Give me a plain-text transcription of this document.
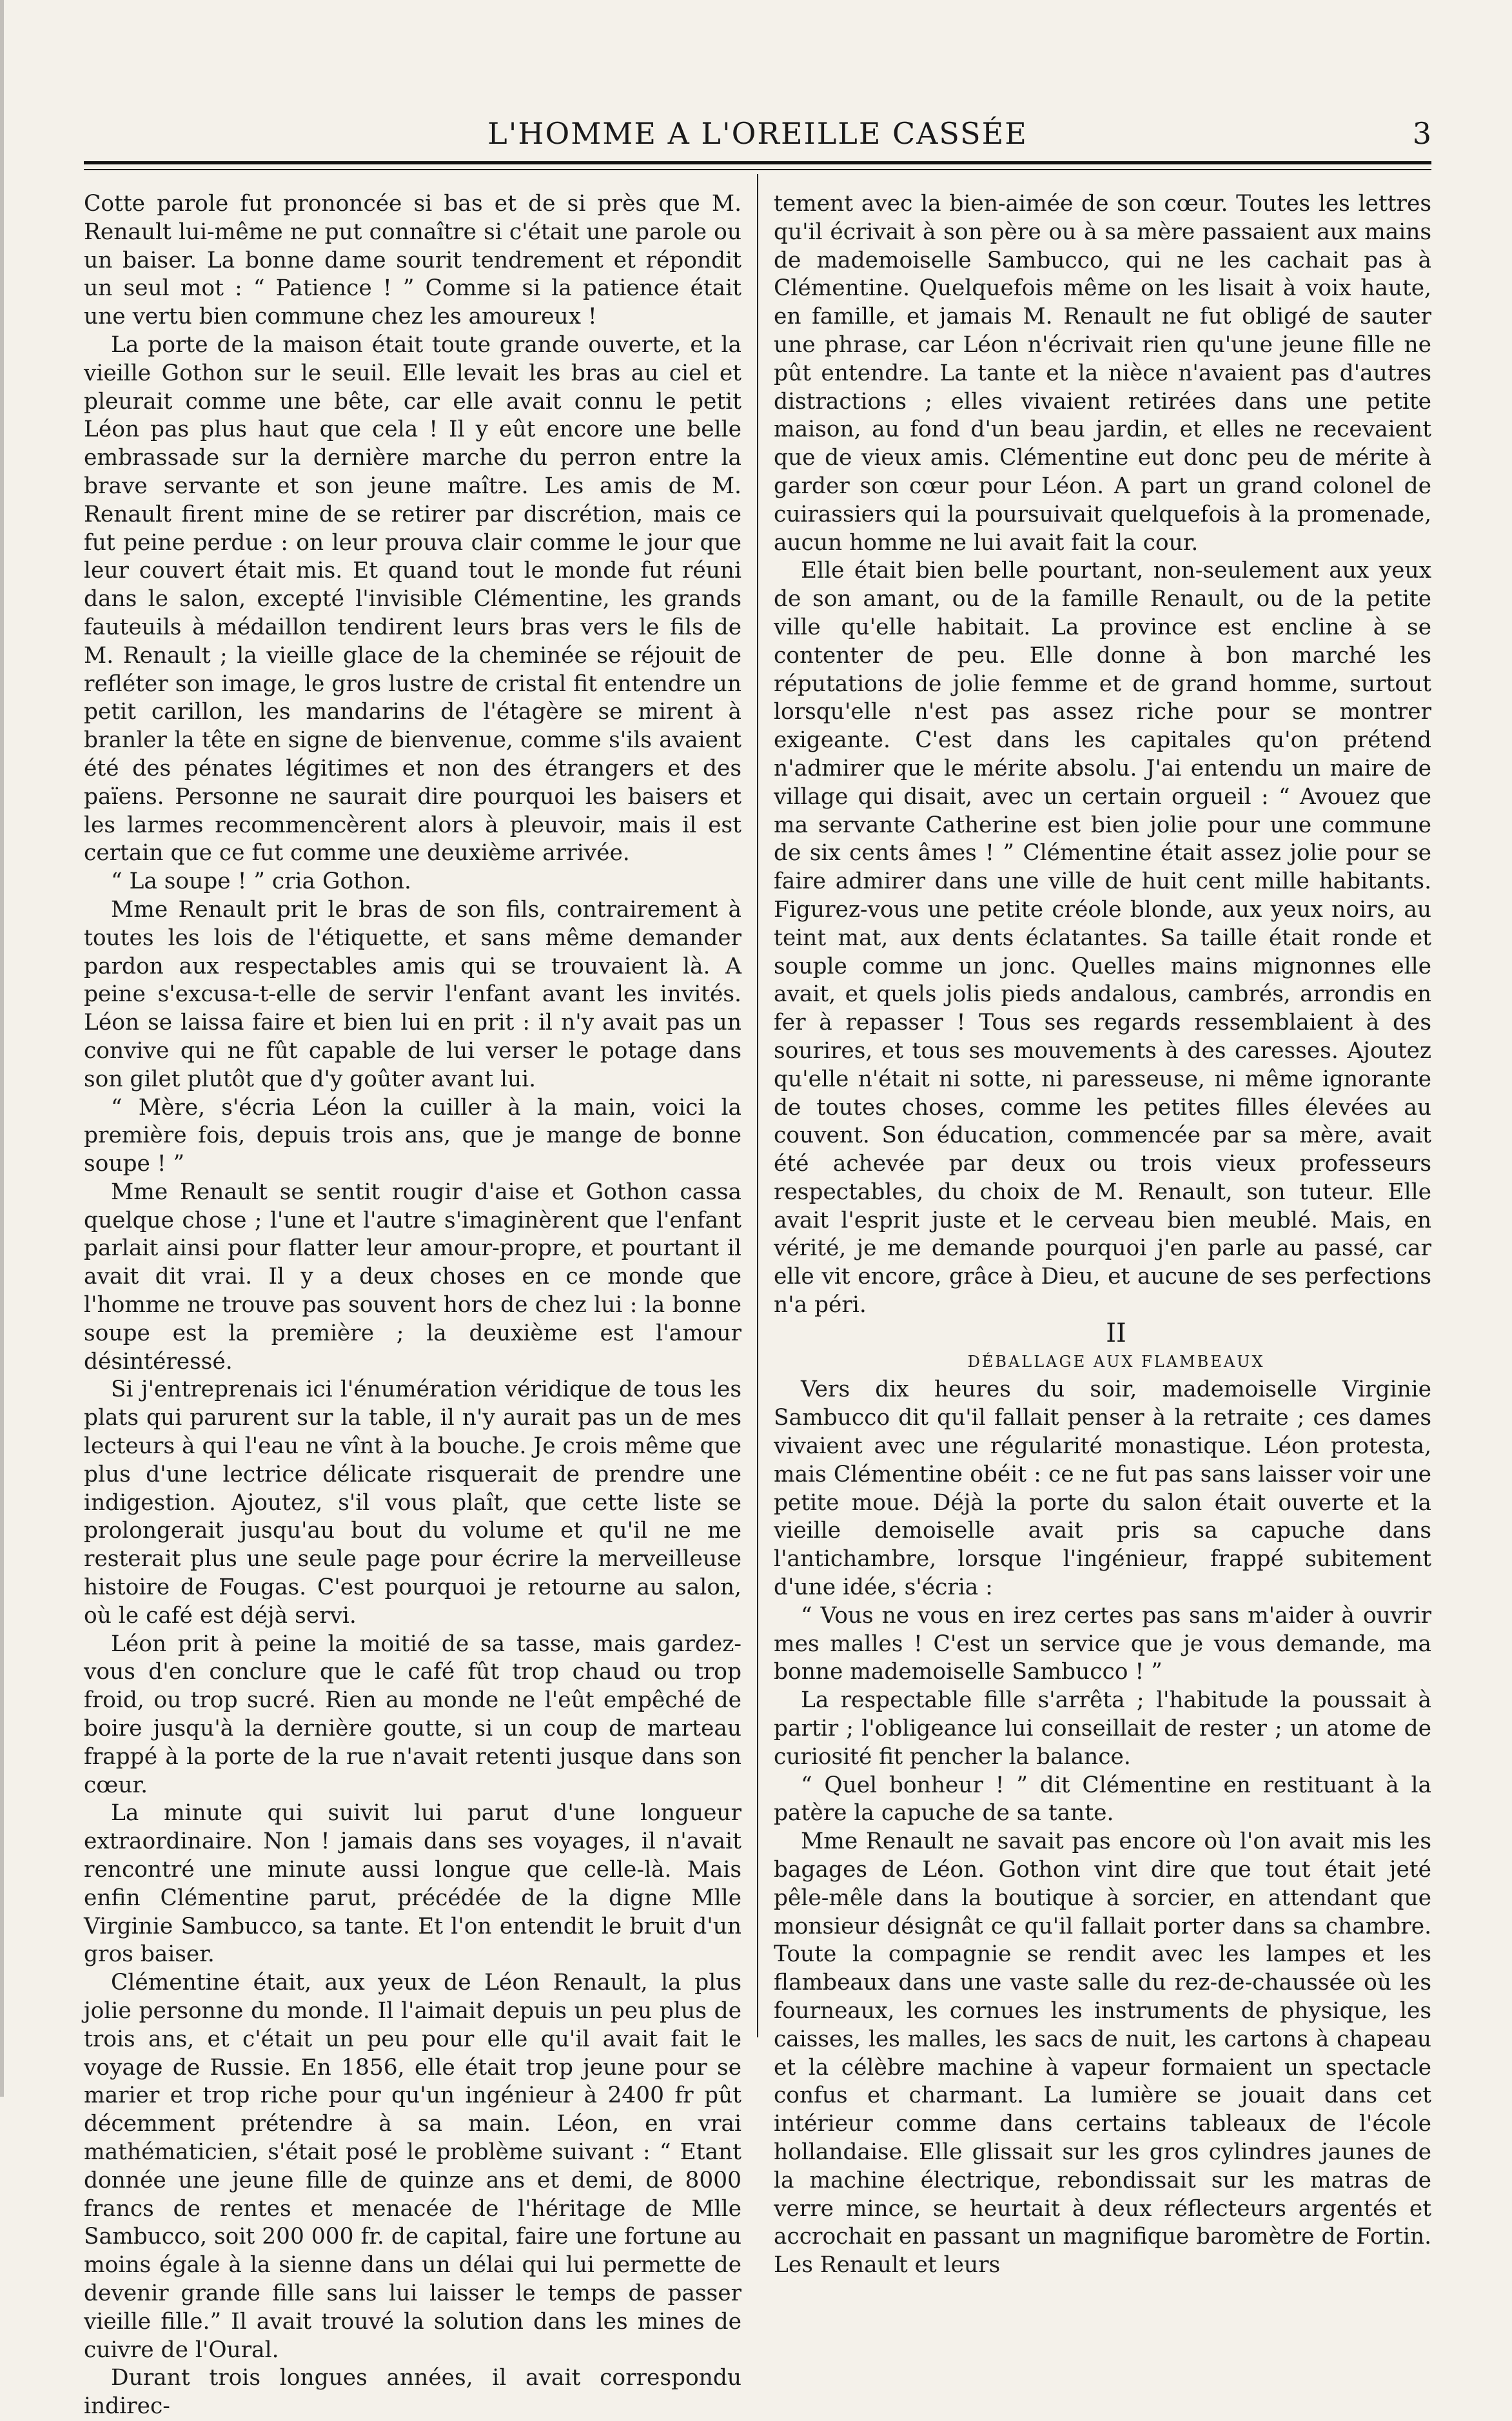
L'HOMME A L'OREILLE CASSÉE	3

Cotte parole fut prononcée si bas et de si près que M. Renault lui-même ne put connaître si c'était une parole ou un baiser. La bonne dame sourit tendrement et répondit un seul mot : “ Patience ! ” Comme si la patience était une vertu bien commune chez les amoureux !

La porte de la maison était toute grande ouverte, et la vieille Gothon sur le seuil. Elle levait les bras au ciel et pleurait comme une bête, car elle avait connu le petit Léon pas plus haut que cela ! Il y eût encore une belle embrassade sur la dernière marche du perron entre la brave servante et son jeune maître. Les amis de M. Renault firent mine de se retirer par discrétion, mais ce fut peine perdue : on leur prouva clair comme le jour que leur couvert était mis. Et quand tout le monde fut réuni dans le salon, excepté l'invisible Clémentine, les grands fauteuils à médaillon tendirent leurs bras vers le fils de M. Renault ; la vieille glace de la cheminée se réjouit de refléter son image, le gros lustre de cristal fit entendre un petit carillon, les mandarins de l'étagère se mirent à branler la tête en signe de bienvenue, comme s'ils avaient été des pénates légitimes et non des étrangers et des païens. Personne ne saurait dire pourquoi les baisers et les larmes recommencèrent alors à pleuvoir, mais il est certain que ce fut comme une deuxième arrivée.

“ La soupe ! ” cria Gothon.

Mme Renault prit le bras de son fils, contrairement à toutes les lois de l'étiquette, et sans même demander pardon aux respectables amis qui se trouvaient là. A peine s'excusa-t-elle de servir l'enfant avant les invités. Léon se laissa faire et bien lui en prit : il n'y avait pas un convive qui ne fût capable de lui verser le potage dans son gilet plutôt que d'y goûter avant lui.

“ Mère, s'écria Léon la cuiller à la main, voici la première fois, depuis trois ans, que je mange de bonne soupe ! ”

Mme Renault se sentit rougir d'aise et Gothon cassa quelque chose ; l'une et l'autre s'imaginèrent que l'enfant parlait ainsi pour flatter leur amour-propre, et pourtant il avait dit vrai. Il y a deux choses en ce monde que l'homme ne trouve pas souvent hors de chez lui : la bonne soupe est la première ; la deuxième est l'amour désintéressé.

Si j'entreprenais ici l'énumération véridique de tous les plats qui parurent sur la table, il n'y aurait pas un de mes lecteurs à qui l'eau ne vînt à la bouche. Je crois même que plus d'une lectrice délicate risquerait de prendre une indigestion. Ajoutez, s'il vous plaît, que cette liste se prolongerait jusqu'au bout du volume et qu'il ne me resterait plus une seule page pour écrire la merveilleuse histoire de Fougas. C'est pourquoi je retourne au salon, où le café est déjà servi.

Léon prit à peine la moitié de sa tasse, mais gardez-vous d'en conclure que le café fût trop chaud ou trop froid, ou trop sucré. Rien au monde ne l'eût empêché de boire jusqu'à la dernière goutte, si un coup de marteau frappé à la porte de la rue n'avait retenti jusque dans son cœur.

La minute qui suivit lui parut d'une longueur extraordinaire. Non ! jamais dans ses voyages, il n'avait rencontré une minute aussi longue que celle-là. Mais enfin Clémentine parut, précédée de la digne Mlle Virginie Sambucco, sa tante. Et l'on entendit le bruit d'un gros baiser.

Clémentine était, aux yeux de Léon Renault, la plus jolie personne du monde. Il l'aimait depuis un peu plus de trois ans, et c'était un peu pour elle qu'il avait fait le voyage de Russie. En 1856, elle était trop jeune pour se marier et trop riche pour qu'un ingénieur à 2400 fr pût décemment prétendre à sa main. Léon, en vrai mathématicien, s'était posé le problème suivant : “ Etant donnée une jeune fille de quinze ans et demi, de 8000 francs de rentes et menacée de l'héritage de Mlle Sambucco, soit 200 000 fr. de capital, faire une fortune au moins égale à la sienne dans un délai qui lui permette de devenir grande fille sans lui laisser le temps de passer vieille fille.” Il avait trouvé la solution dans les mines de cuivre de l'Oural.

Durant trois longues années, il avait correspondu indirec-

tement avec la bien-aimée de son cœur. Toutes les lettres qu'il écrivait à son père ou à sa mère passaient aux mains de mademoiselle Sambucco, qui ne les cachait pas à Clémentine. Quelquefois même on les lisait à voix haute, en famille, et jamais M. Renault ne fut obligé de sauter une phrase, car Léon n'écrivait rien qu'une jeune fille ne pût entendre. La tante et la nièce n'avaient pas d'autres distractions ; elles vivaient retirées dans une petite maison, au fond d'un beau jardin, et elles ne recevaient que de vieux amis. Clémentine eut donc peu de mérite à garder son cœur pour Léon. A part un grand colonel de cuirassiers qui la poursuivait quelquefois à la promenade, aucun homme ne lui avait fait la cour.

Elle était bien belle pourtant, non-seulement aux yeux de son amant, ou de la famille Renault, ou de la petite ville qu'elle habitait. La province est encline à se contenter de peu. Elle donne à bon marché les réputations de jolie femme et de grand homme, surtout lorsqu'elle n'est pas assez riche pour se montrer exigeante. C'est dans les capitales qu'on prétend n'admirer que le mérite absolu. J'ai entendu un maire de village qui disait, avec un certain orgueil : “ Avouez que ma servante Catherine est bien jolie pour une commune de six cents âmes ! ” Clémentine était assez jolie pour se faire admirer dans une ville de huit cent mille habitants. Figurez-vous une petite créole blonde, aux yeux noirs, au teint mat, aux dents éclatantes. Sa taille était ronde et souple comme un jonc. Quelles mains mignonnes elle avait, et quels jolis pieds andalous, cambrés, arrondis en fer à repasser ! Tous ses regards ressemblaient à des sourires, et tous ses mouvements à des caresses. Ajoutez qu'elle n'était ni sotte, ni paresseuse, ni même ignorante de toutes choses, comme les petites filles élevées au couvent. Son éducation, commencée par sa mère, avait été achevée par deux ou trois vieux professeurs respectables, du choix de M. Renault, son tuteur. Elle avait l'esprit juste et le cerveau bien meublé. Mais, en vérité, je me demande pourquoi j'en parle au passé, car elle vit encore, grâce à Dieu, et aucune de ses perfections n'a péri.

II

DÉBALLAGE AUX FLAMBEAUX

Vers dix heures du soir, mademoiselle Virginie Sambucco dit qu'il fallait penser à la retraite ; ces dames vivaient avec une régularité monastique. Léon protesta, mais Clémentine obéit : ce ne fut pas sans laisser voir une petite moue. Déjà la porte du salon était ouverte et la vieille demoiselle avait pris sa capuche dans l'antichambre, lorsque l'ingénieur, frappé subitement d'une idée, s'écria :

“ Vous ne vous en irez certes pas sans m'aider à ouvrir mes malles ! C'est un service que je vous demande, ma bonne mademoiselle Sambucco ! ”

La respectable fille s'arrêta ; l'habitude la poussait à partir ; l'obligeance lui conseillait de rester ; un atome de curiosité fit pencher la balance.

“ Quel bonheur ! ” dit Clémentine en restituant à la patère la capuche de sa tante.

Mme Renault ne savait pas encore où l'on avait mis les bagages de Léon. Gothon vint dire que tout était jeté pêle-mêle dans la boutique à sorcier, en attendant que monsieur désignât ce qu'il fallait porter dans sa chambre. Toute la compagnie se rendit avec les lampes et les flambeaux dans une vaste salle du rez-de-chaussée où les fourneaux, les cornues les instruments de physique, les caisses, les malles, les sacs de nuit, les cartons à chapeau et la célèbre machine à vapeur formaient un spectacle confus et charmant. La lumière se jouait dans cet intérieur comme dans certains tableaux de l'école hollandaise. Elle glissait sur les gros cylindres jaunes de la machine électrique, rebondissait sur les matras de verre mince, se heurtait à deux réflecteurs argentés et accrochait en passant un magnifique baromètre de Fortin. Les Renault et leurs
